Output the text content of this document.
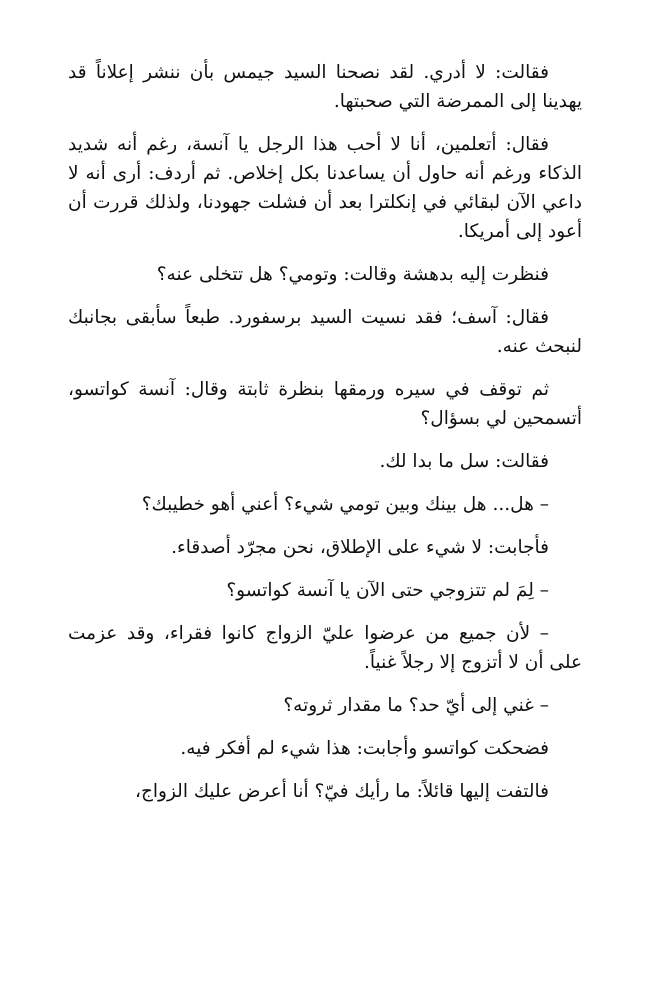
فقالت: لا أدري. لقد نصحنا السيد جيمس بأن ننشر إعلاناً قد يهدينا إلى الممرضة التي صحبتها.

فقال: أتعلمين، أنا لا أحب هذا الرجل يا آنسة، رغم أنه شديد الذكاء ورغم أنه حاول أن يساعدنا بكل إخلاص. ثم أردف: أرى أنه لا داعي الآن لبقائي في إنكلترا بعد أن فشلت جهودنا، ولذلك قررت أن أعود إلى أمريكا.

فنظرت إليه بدهشة وقالت: وتومي؟ هل تتخلى عنه؟

فقال: آسف؛ فقد نسيت السيد برسفورد. طبعاً سأبقى بجانبك لنبحث عنه.

ثم توقف في سيره ورمقها بنظرة ثابتة وقال: آنسة كواتسو، أتسمحين لي بسؤال؟

فقالت: سل ما بدا لك.

– هل... هل بينك وبين تومي شيء؟ أعني أهو خطيبك؟

فأجابت: لا شيء على الإطلاق، نحن مجرّد أصدقاء.

– لِمَ لم تتزوجي حتى الآن يا آنسة كواتسو؟

– لأن جميع من عرضوا عليّ الزواج كانوا فقراء، وقد عزمت على أن لا أتزوج إلا رجلاً غنياً.

– غني إلى أيّ حد؟ ما مقدار ثروته؟

فضحكت كواتسو وأجابت: هذا شيء لم أفكر فيه.

فالتفت إليها قائلاً: ما رأيك فيّ؟ أنا أعرض عليك الزواج،
